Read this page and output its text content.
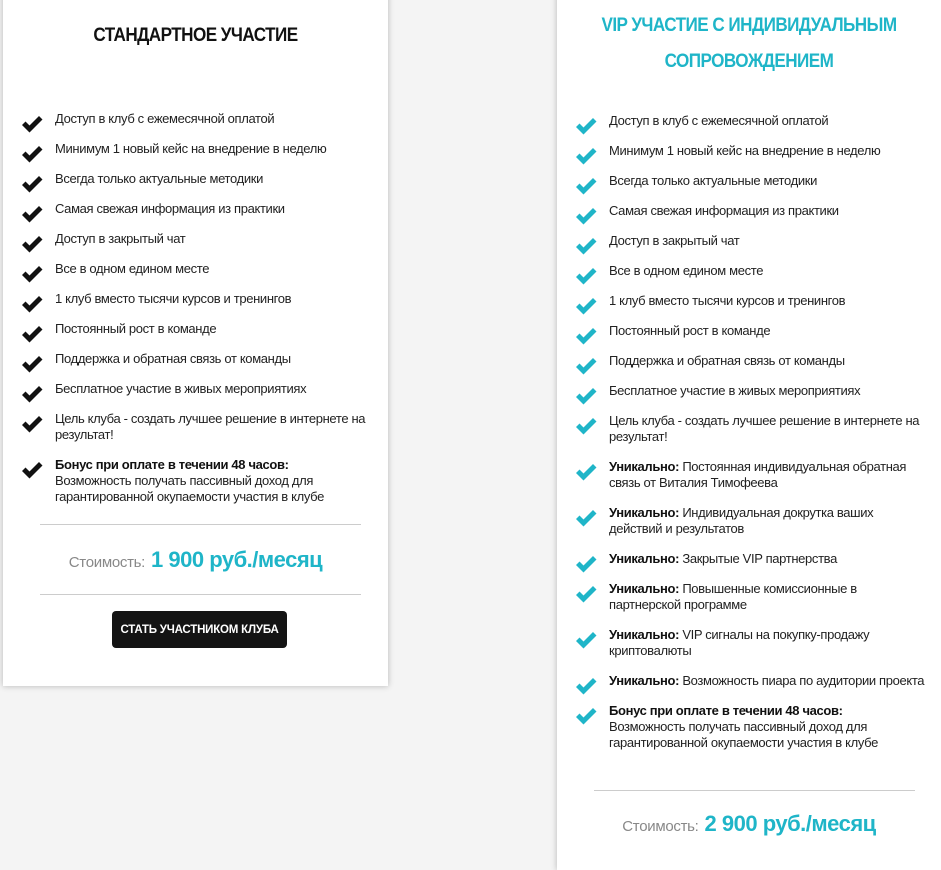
СТАНДАРТНОЕ УЧАСТИЕ
Доступ в клуб с ежемесячной оплатой
Минимум 1 новый кейс на внедрение в неделю
Всегда только актуальные методики
Самая свежая информация из практики
Доступ в закрытый чат
Все в одном едином месте
1 клуб вместо тысячи курсов и тренингов
Постоянный рост в команде
Поддержка и обратная связь от команды
Бесплатное участие в живых мероприятиях
Цель клуба - создать лучшее решение в интернете на результат!
Бонус при оплате в течении 48 часов:
Возможность получать пассивный доход для гарантированной окупаемости участия в клубе
Стоимость: 1 900 руб./месяц
СТАТЬ УЧАСТНИКОМ КЛУБА
VIP УЧАСТИЕ С ИНДИВИДУАЛЬНЫМ СОПРОВОЖДЕНИЕМ
Доступ в клуб с ежемесячной оплатой
Минимум 1 новый кейс на внедрение в неделю
Всегда только актуальные методики
Самая свежая информация из практики
Доступ в закрытый чат
Все в одном едином месте
1 клуб вместо тысячи курсов и тренингов
Постоянный рост в команде
Поддержка и обратная связь от команды
Бесплатное участие в живых мероприятиях
Цель клуба - создать лучшее решение в интернете на результат!
Уникально: Постоянная индивидуальная обратная связь от Виталия Тимофеева
Уникально: Индивидуальная докрутка ваших действий и результатов
Уникально: Закрытые VIP партнерства
Уникально: Повышенные комиссионные в партнерской программе
Уникально: VIP сигналы на покупку-продажу криптовалюты
Уникально: Возможность пиара по аудитории проекта
Бонус при оплате в течении 48 часов:
Возможность получать пассивный доход для гарантированной окупаемости участия в клубе
Стоимость: 2 900 руб./месяц
